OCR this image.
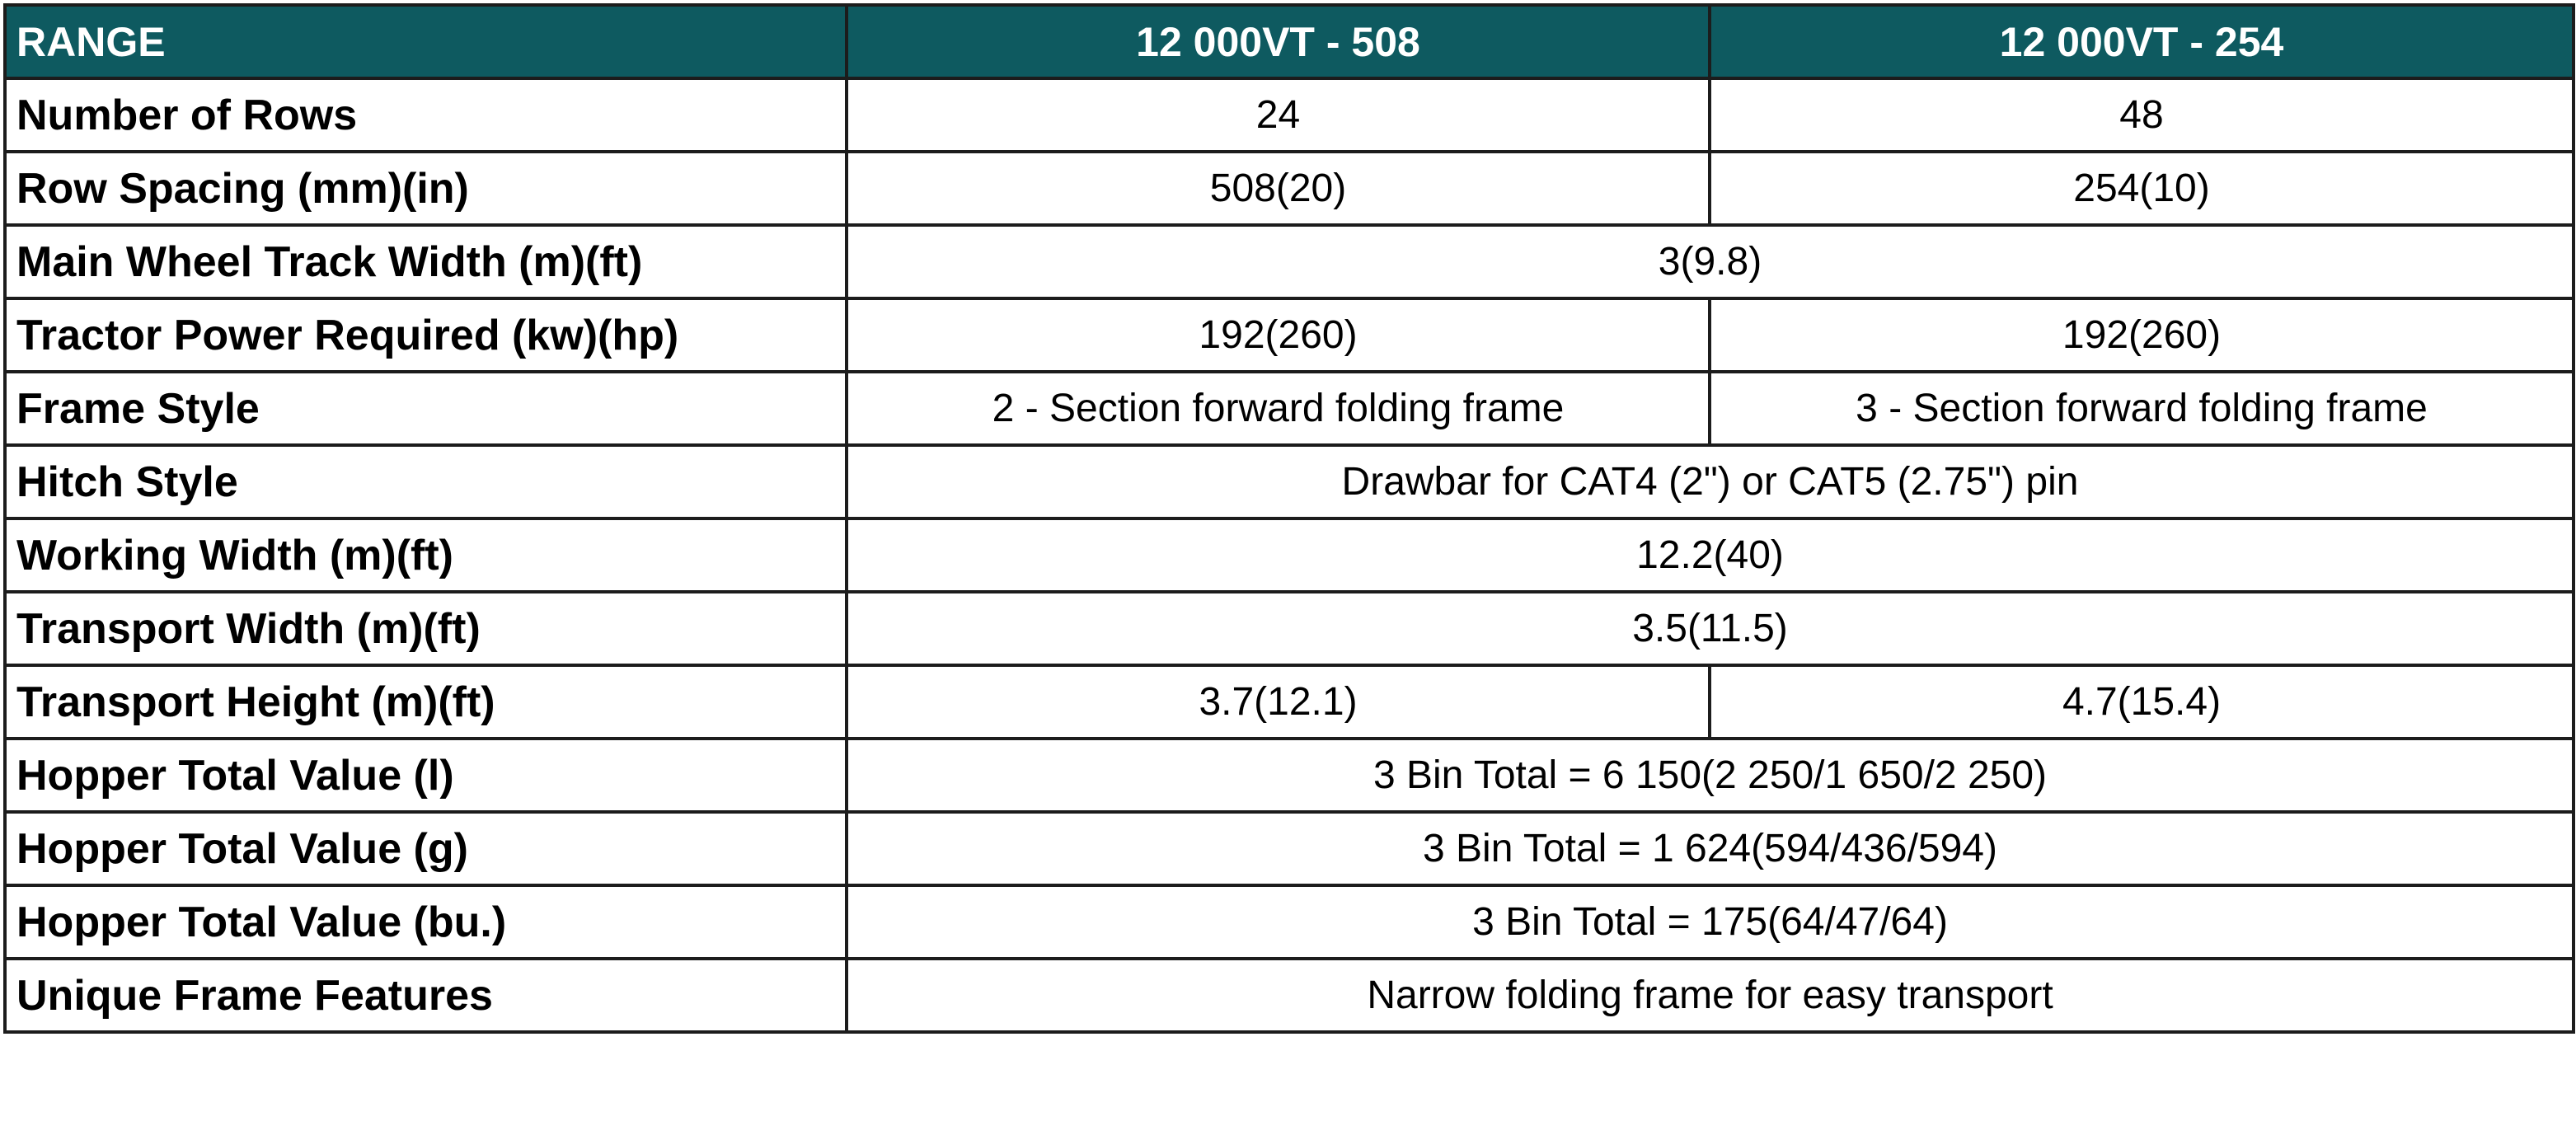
RANGE	12 000VT - 508	12 000VT - 254
Number of Rows	24	48
Row Spacing (mm)(in)	508(20)	254(10)
Main Wheel Track Width (m)(ft)	3(9.8)	
Tractor Power Required (kw)(hp)	192(260)	192(260)
Frame Style	2 - Section forward folding frame	3 - Section forward folding frame
Hitch Style	Drawbar for CAT4 (2") or CAT5 (2.75") pin	
Working Width (m)(ft)	12.2(40)	
Transport Width (m)(ft)	3.5(11.5)	
Transport Height (m)(ft)	3.7(12.1)	4.7(15.4)
Hopper Total Value (l)	3 Bin Total = 6 150(2 250/1 650/2 250)	
Hopper Total Value (g)	3 Bin Total = 1 624(594/436/594)	
Hopper Total Value (bu.)	3 Bin Total = 175(64/47/64)	
Unique Frame Features	Narrow folding frame for easy transport	
